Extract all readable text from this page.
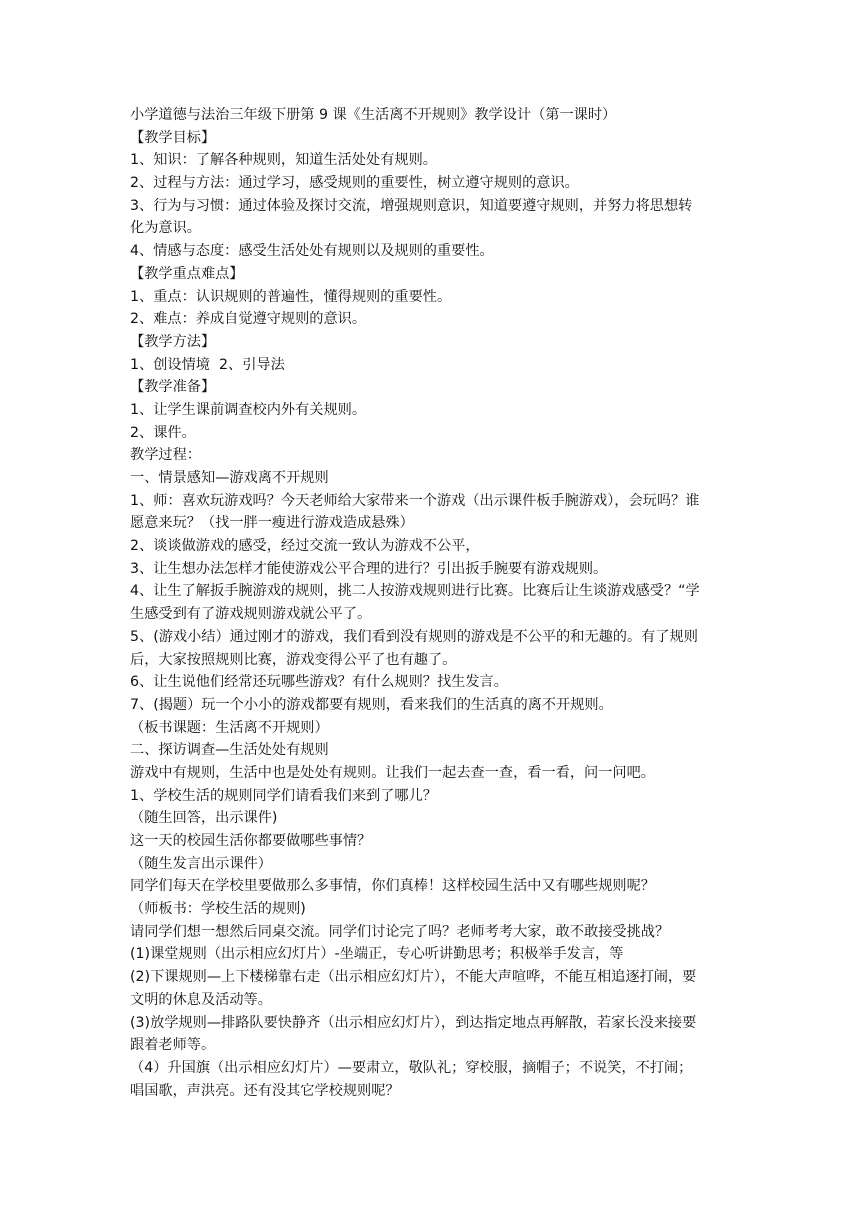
小学道德与法治三年级下册第 9 课《生活离不开规则》教学设计（第一课时）
【教学目标】
1、知识：了解各种规则，知道生活处处有规则。
2、过程与方法：通过学习，感受规则的重要性，树立遵守规则的意识。
3、行为与习惯：通过体验及探讨交流，增强规则意识，知道要遵守规则，并努力将思想转
化为意识。
4、情感与态度：感受生活处处有规则以及规则的重要性。
【教学重点难点】
1、重点：认识规则的普遍性，懂得规则的重要性。
2、难点：养成自觉遵守规则的意识。
【教学方法】
1、创设情境  2、引导法
【教学准备】
1、让学生课前调查校内外有关规则。
2、课件。
教学过程：
一、情景感知—游戏离不开规则
1、师：喜欢玩游戏吗？今天老师给大家带来一个游戏（出示课件板手腕游戏），会玩吗？谁
愿意来玩？（找一胖一瘦进行游戏造成悬殊）
2、谈谈做游戏的感受，经过交流一致认为游戏不公平，
3、让生想办法怎样才能使游戏公平合理的进行？引出扳手腕要有游戏规则。
4、让生了解扳手腕游戏的规则，挑二人按游戏规则进行比赛。比赛后让生谈游戏感受？“学
生感受到有了游戏规则游戏就公平了。
5、(游戏小结）通过刚才的游戏，我们看到没有规则的游戏是不公平的和无趣的。有了规则
后，大家按照规则比赛，游戏变得公平了也有趣了。
6、让生说他们经常还玩哪些游戏？有什么规则？找生发言。
7、(揭题）玩一个小小的游戏都要有规则，看来我们的生活真的离不开规则。
（板书课题：生活离不开规则）
二、探访调查—生活处处有规则
游戏中有规则，生活中也是处处有规则。让我们一起去查一查，看一看，问一问吧。
1、学校生活的规则同学们请看我们来到了哪儿？
（随生回答，出示课件)
这一天的校园生活你都要做哪些事情？
（随生发言出示课件）
同学们每天在学校里要做那么多事情，你们真棒！这样校园生活中又有哪些规则呢？
（师板书：学校生活的规则)
请同学们想一想然后同桌交流。同学们讨论完了吗？老师考考大家，敢不敢接受挑战？
(1)课堂规则（出示相应幻灯片）-坐端正，专心听讲勤思考；积极举手发言，等
(2)下课规则—上下楼梯靠右走（出示相应幻灯片），不能大声喧哗，不能互相追逐打闹，要
文明的休息及活动等。
(3)放学规则—排路队要快静齐（出示相应幻灯片），到达指定地点再解散，若家长没来接要
跟着老师等。
（4）升国旗（出示相应幻灯片）—要肃立，敬队礼；穿校服，摘帽子；不说笑，不打闹；
唱国歌，声洪亮。还有没其它学校规则呢？
